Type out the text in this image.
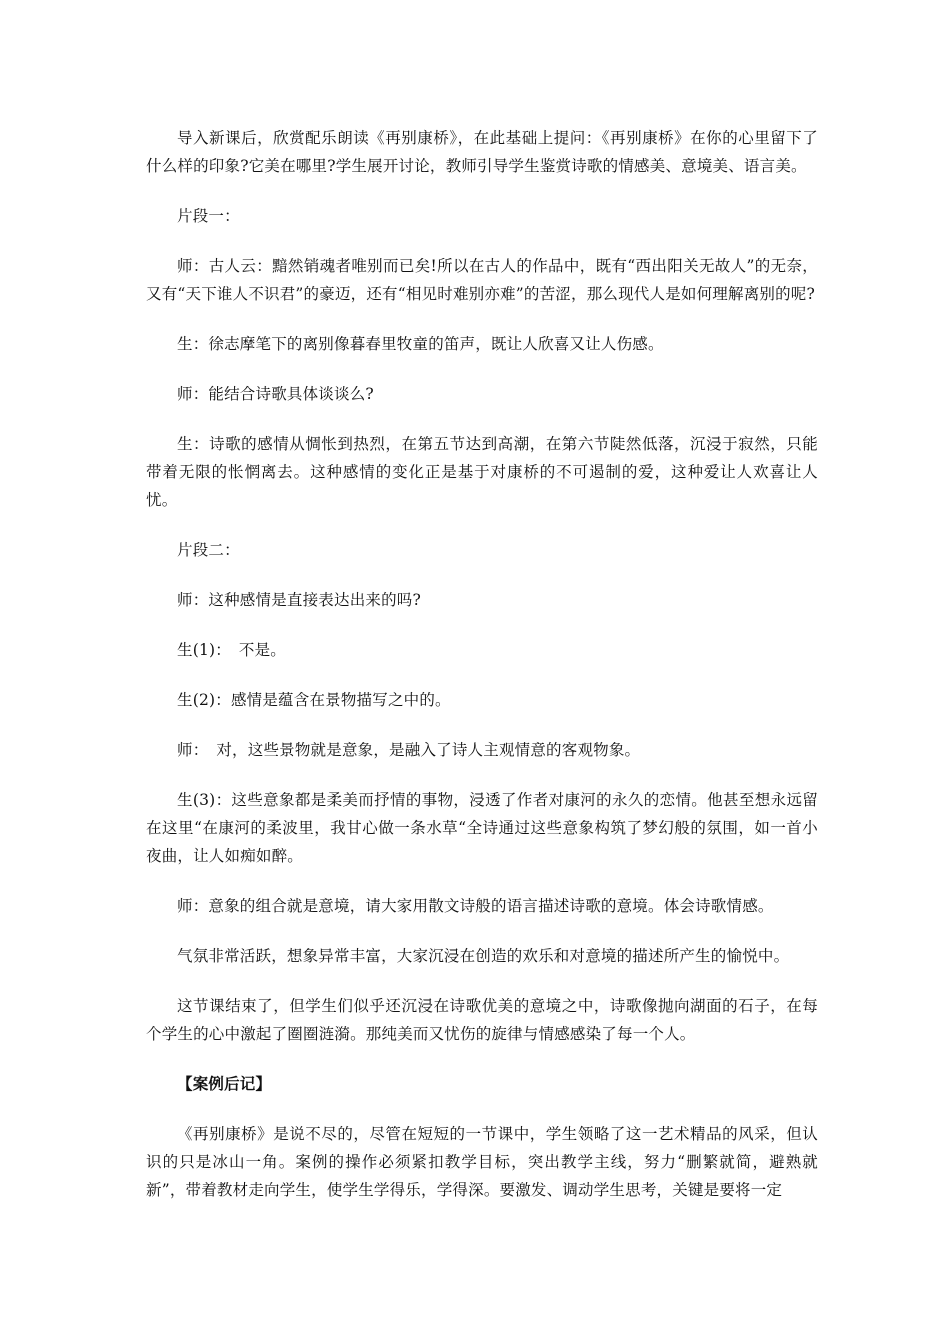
导入新课后，欣赏配乐朗读《再别康桥》，在此基础上提问：《再别康桥》在你的心里留下了什么样的印象?它美在哪里?学生展开讨论，教师引导学生鉴赏诗歌的情感美、意境美、语言美。

片段一：

师：古人云：黯然销魂者唯别而已矣!所以在古人的作品中，既有“西出阳关无故人”的无奈，又有“天下谁人不识君”的豪迈，还有“相见时难别亦难”的苦涩，那么现代人是如何理解离别的呢?

生：徐志摩笔下的离别像暮春里牧童的笛声，既让人欣喜又让人伤感。

师：能结合诗歌具体谈谈么?

生：诗歌的感情从惆怅到热烈，在第五节达到高潮，在第六节陡然低落，沉浸于寂然，只能带着无限的怅惘离去。这种感情的变化正是基于对康桥的不可遏制的爱，这种爱让人欢喜让人忧。

片段二：

师：这种感情是直接表达出来的吗?

生(1)：　不是。

生(2)：感情是蕴含在景物描写之中的。

师：　对，这些景物就是意象，是融入了诗人主观情意的客观物象。

生(3)：这些意象都是柔美而抒情的事物，浸透了作者对康河的永久的恋情。他甚至想永远留在这里“在康河的柔波里，我甘心做一条水草“全诗通过这些意象构筑了梦幻般的氛围，如一首小夜曲，让人如痴如醉。

师：意象的组合就是意境，请大家用散文诗般的语言描述诗歌的意境。体会诗歌情感。

气氛非常活跃，想象异常丰富，大家沉浸在创造的欢乐和对意境的描述所产生的愉悦中。

这节课结束了，但学生们似乎还沉浸在诗歌优美的意境之中，诗歌像抛向湖面的石子，在每个学生的心中激起了圈圈涟漪。那纯美而又忧伤的旋律与情感感染了每一个人。

【案例后记】

《再别康桥》是说不尽的，尽管在短短的一节课中，学生领略了这一艺术精品的风采，但认识的只是冰山一角。案例的操作必须紧扣教学目标，突出教学主线，努力“删繁就简，避熟就新”，带着教材走向学生，使学生学得乐，学得深。要激发、调动学生思考，关键是要将一定
